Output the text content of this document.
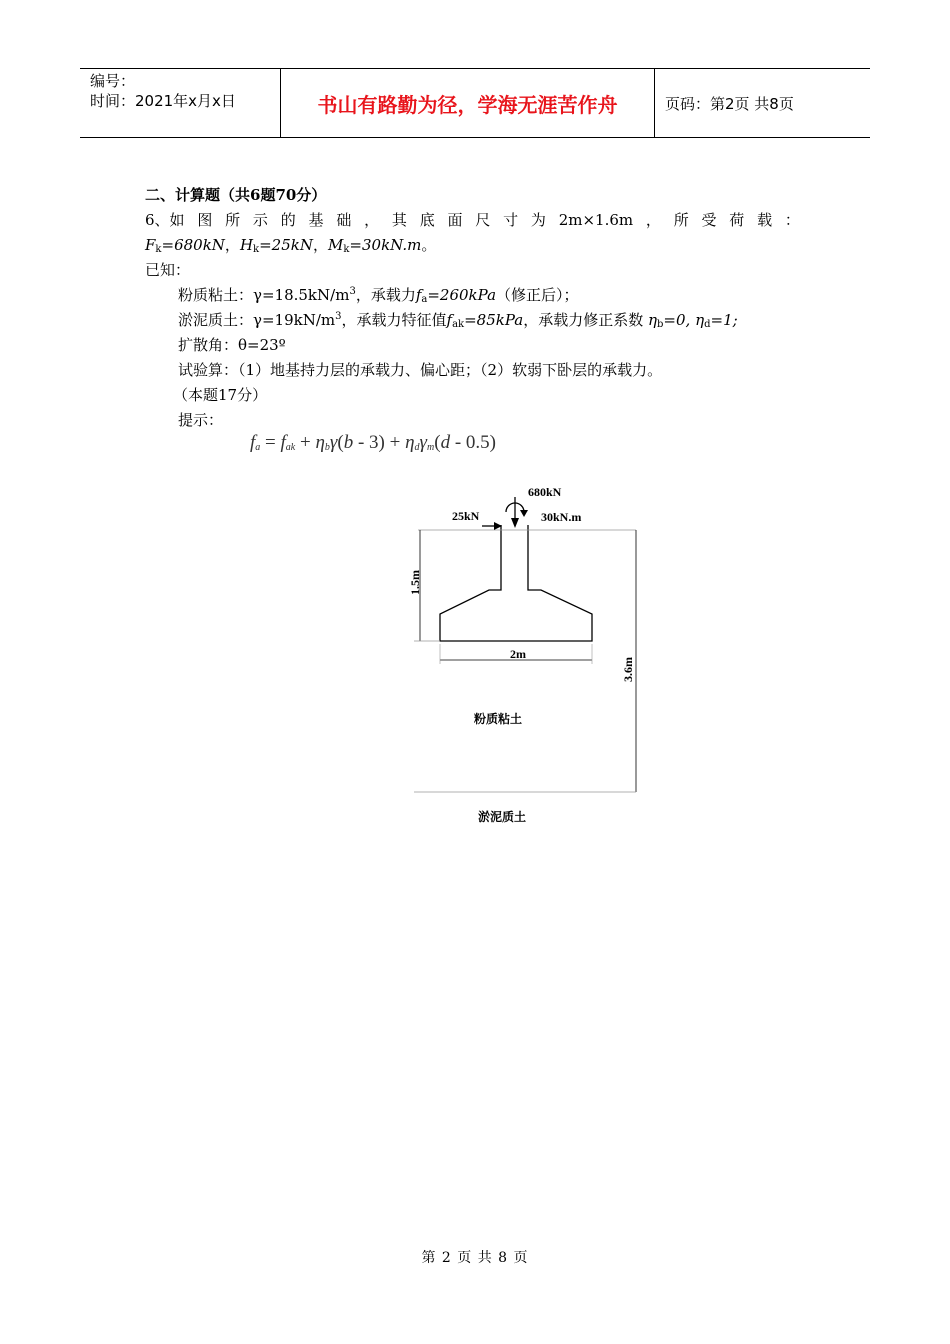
编号：
时间：2021年x月x日	书山有路勤为径，学海无涯苦作舟	页码：第2页 共8页
二、计算题（共6题70分）
6、如 图 所 示 的 基 础 ， 其 底 面 尺 寸 为 2m×1.6m ， 所 受 荷 载 ：
$F_k=680kN$，$H_k=25kN$，$M_k=30kN.m$。
已知：
粉质粘土：$\gamma=18.5kN/m^3$，承载力$f_a=260kPa$（修正后）；
淤泥质土：$\gamma=19kN/m^3$，承载力特征值$f_{ak}=85kPa$，承载力修正系数 $\eta_b=0$, $\eta_d=1$;
扩散角：θ=23º
试验算：（1）地基持力层的承载力、偏心距；（2）软弱下卧层的承载力。
（本题17分）
提示：
$f_a = f_{ak} + \eta_b\gamma(b - 3) + \eta_d\gamma_m(d - 0.5)$
680kN
25kN	30kN.m
1.5m
2m
3.6m
粉质粘土
淤泥质土
第 2 页 共 8 页
